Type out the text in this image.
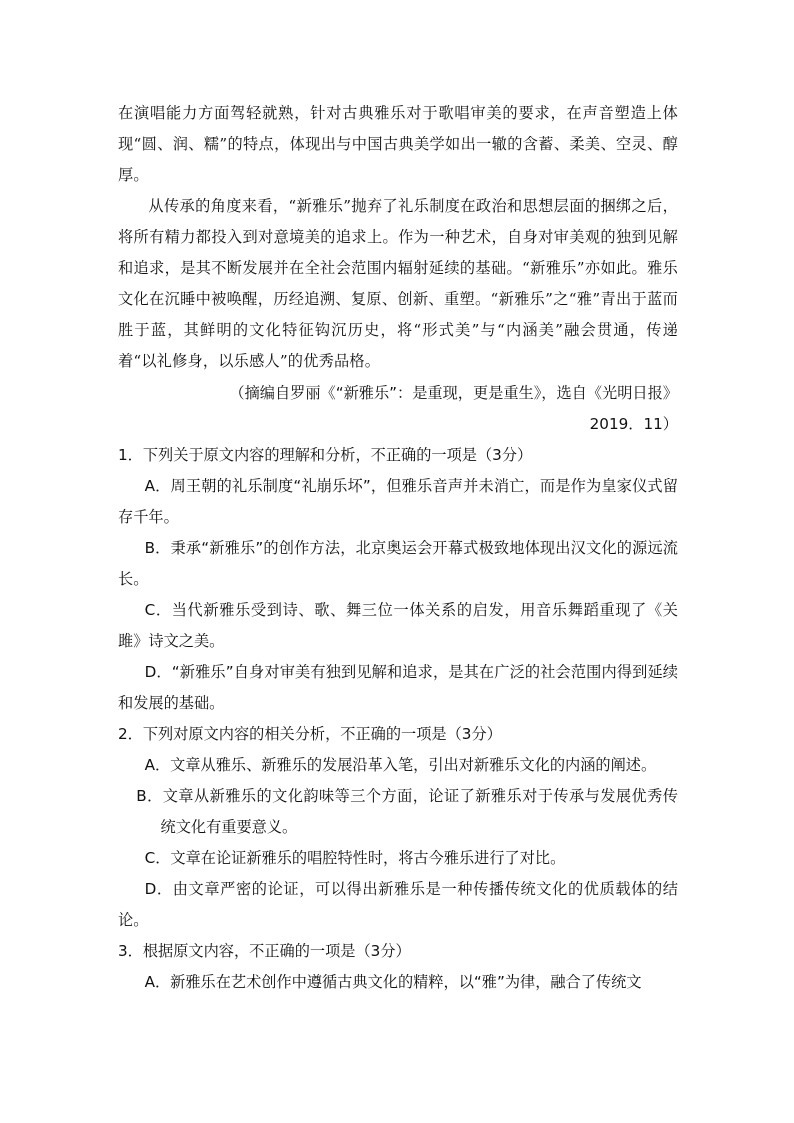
在演唱能力方面驾轻就熟，针对古典雅乐对于歌唱审美的要求，在声音塑造上体现“圆、润、糯”的特点，体现出与中国古典美学如出一辙的含蓄、柔美、空灵、醇厚。

从传承的角度来看，“新雅乐”抛弃了礼乐制度在政治和思想层面的捆绑之后，将所有精力都投入到对意境美的追求上。作为一种艺术，自身对审美观的独到见解和追求，是其不断发展并在全社会范围内辐射延续的基础。“新雅乐”亦如此。雅乐文化在沉睡中被唤醒，历经追溯、复原、创新、重塑。“新雅乐”之“雅”青出于蓝而胜于蓝，其鲜明的文化特征钩沉历史，将“形式美”与“内涵美”融会贯通，传递着“以礼修身，以乐感人”的优秀品格。

（摘编自罗丽《“新雅乐”：是重现，更是重生》，选自《光明日报》

2019．11）

1．下列关于原文内容的理解和分析，不正确的一项是（3分）

A．周王朝的礼乐制度“礼崩乐坏”，但雅乐音声并未消亡，而是作为皇家仪式留存千年。

B．秉承“新雅乐”的创作方法，北京奥运会开幕式极致地体现出汉文化的源远流长。

C．当代新雅乐受到诗、歌、舞三位一体关系的启发，用音乐舞蹈重现了《关雎》诗文之美。

D．“新雅乐”自身对审美有独到见解和追求，是其在广泛的社会范围内得到延续和发展的基础。

2．下列对原文内容的相关分析，不正确的一项是（3分）

A．文章从雅乐、新雅乐的发展沿革入笔，引出对新雅乐文化的内涵的阐述。

B．文章从新雅乐的文化韵味等三个方面，论证了新雅乐对于传承与发展优秀传统文化有重要意义。

C．文章在论证新雅乐的唱腔特性时，将古今雅乐进行了对比。

D．由文章严密的论证，可以得出新雅乐是一种传播传统文化的优质载体的结论。

3．根据原文内容，不正确的一项是（3分）

A．新雅乐在艺术创作中遵循古典文化的精粹，以“雅”为律，融合了传统文
